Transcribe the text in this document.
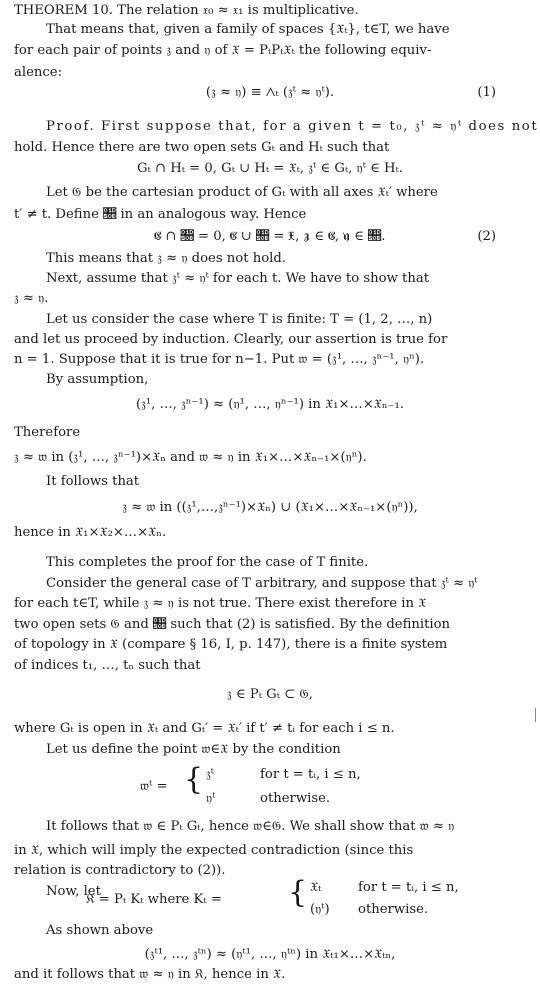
THEOREM 10. The relation 𝔵₀ ≈ 𝔵₁ is multiplicative.
That means that, given a family of spaces {𝔛ₜ}, t∈T, we have
for each pair of points 𝔷 and 𝔶 of 𝔛 = PₜPₜ𝔛ₜ the following equiv-
alence:
(𝔷 ≈ 𝔶) ≡ ⋀ₜ (𝔷ᵗ ≈ 𝔶ᵗ).	(1)
Proof. First suppose that, for a given t = t₀, 𝔷ᵗ ≈ 𝔶ᵗ does not
hold. Hence there are two open sets Gₜ and Hₜ such that
Gₜ ∩ Hₜ = 0, Gₜ ∪ Hₜ = 𝔛ₜ, 𝔷ᵗ ∈ Gₜ, 𝔶ᵗ ∈ Hₜ.
Let 𝔊 be the cartesian product of Gₜ with all axes 𝔛ₜ′ where
t′ ≠ t. Define 𝔋 in an analogous way. Hence
𝔊 ∩ 𝔋 = 0, 𝔊 ∪ 𝔋 = 𝔛, 𝔷 ∈ 𝔊, 𝔶 ∈ 𝔋.	(2)
This means that 𝔷 ≈ 𝔶 does not hold.
Next, assume that 𝔷ᵗ ≈ 𝔶ᵗ for each t. We have to show that
𝔷 ≈ 𝔶.
Let us consider the case where T is finite: T = (1, 2, …, n)
and let us proceed by induction. Clearly, our assertion is true for
n = 1. Suppose that it is true for n−1. Put 𝔴 = (𝔷¹, …, 𝔷ⁿ⁻¹, 𝔶ⁿ).
By assumption,
(𝔷¹, …, 𝔷ⁿ⁻¹) ≈ (𝔶¹, …, 𝔶ⁿ⁻¹) in 𝔛₁×…×𝔛ₙ₋₁.
Therefore
𝔷 ≈ 𝔴 in (𝔷¹, …, 𝔷ⁿ⁻¹)×𝔛ₙ and 𝔴 ≈ 𝔶 in 𝔛₁×…×𝔛ₙ₋₁×(𝔶ⁿ).
It follows that
𝔷 ≈ 𝔴 in ((𝔷¹,…,𝔷ⁿ⁻¹)×𝔛ₙ) ∪ (𝔛₁×…×𝔛ₙ₋₁×(𝔶ⁿ)),
hence in 𝔛₁×𝔛₂×…×𝔛ₙ.
This completes the proof for the case of T finite.
Consider the general case of T arbitrary, and suppose that 𝔷ᵗ ≈ 𝔶ᵗ
for each t∈T, while 𝔷 ≈ 𝔶 is not true. There exist therefore in 𝔛
two open sets 𝔊 and 𝔋 such that (2) is satisfied. By the definition
of topology in 𝔛 (compare § 16, I, p. 147), there is a finite system
of indices t₁, …, tₙ such that
𝔷 ∈ Pₜ Gₜ ⊂ 𝔊,
where Gₜ is open in 𝔛ₜ and Gₜ′ = 𝔛ₜ′ if t′ ≠ tᵢ for each i ≤ n.
Let us define the point 𝔴∈𝔛 by the condition
𝔴ᵗ = { 𝔷ᵗ	for t = tᵢ, i ≤ n,
𝔶ᵗ	otherwise.
It follows that 𝔴 ∈ Pₜ Gₜ, hence 𝔴∈𝔊. We shall show that 𝔴 ≈ 𝔶
in 𝔛, which will imply the expected contradiction (since this
relation is contradictory to (2)).
Now, let
𝔎 = Pₜ Kₜ where Kₜ = { 𝔛ₜ	for t = tᵢ, i ≤ n,
(𝔶ᵗ) otherwise.
As shown above
(𝔷ᵗ¹, …, 𝔷ᵗⁿ) ≈ (𝔶ᵗ¹, …, 𝔶ᵗⁿ) in 𝔛ₜ₁×…×𝔛ₜₙ,
and it follows that 𝔴 ≈ 𝔶 in 𝔎, hence in 𝔛.
